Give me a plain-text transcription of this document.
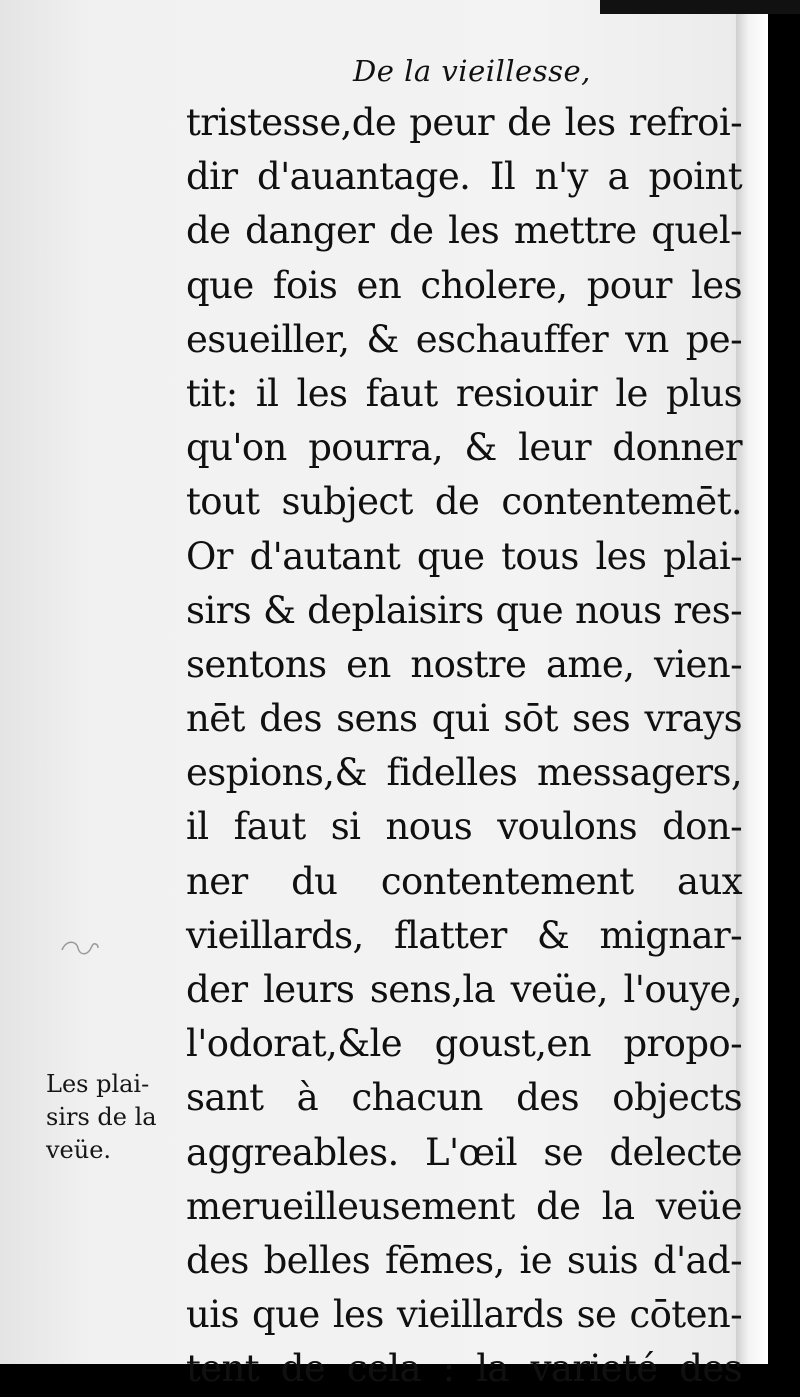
De la vieillesse,
tristesse,de peur de les refroi-
dir d'auantage. Il n'y a point
de danger de les mettre quel-
que fois en cholere, pour les
esueiller, & eschauffer vn pe-
tit: il les faut resiouir le plus
qu'on pourra, & leur donner
tout subject de contentemēt.
Or d'autant que tous les plai-
sirs & deplaisirs que nous res-
sentons en nostre ame, vien-
nēt des sens qui sōt ses vrays
espions,& fidelles messagers,
il faut si nous voulons don-
ner du contentement aux
vieillards, flatter & mignar-
der leurs sens,la veüe, l'ouye,
l'odorat,&le goust,en propo-
sant à chacun des objects
aggreables. L'œil se delecte
merueilleusement de la veüe
des belles fēmes, ie suis d'ad-
uis que les vieillards se cōten-
tent de cela : la varieté des
Les plai-
sirs de la
veüe.
